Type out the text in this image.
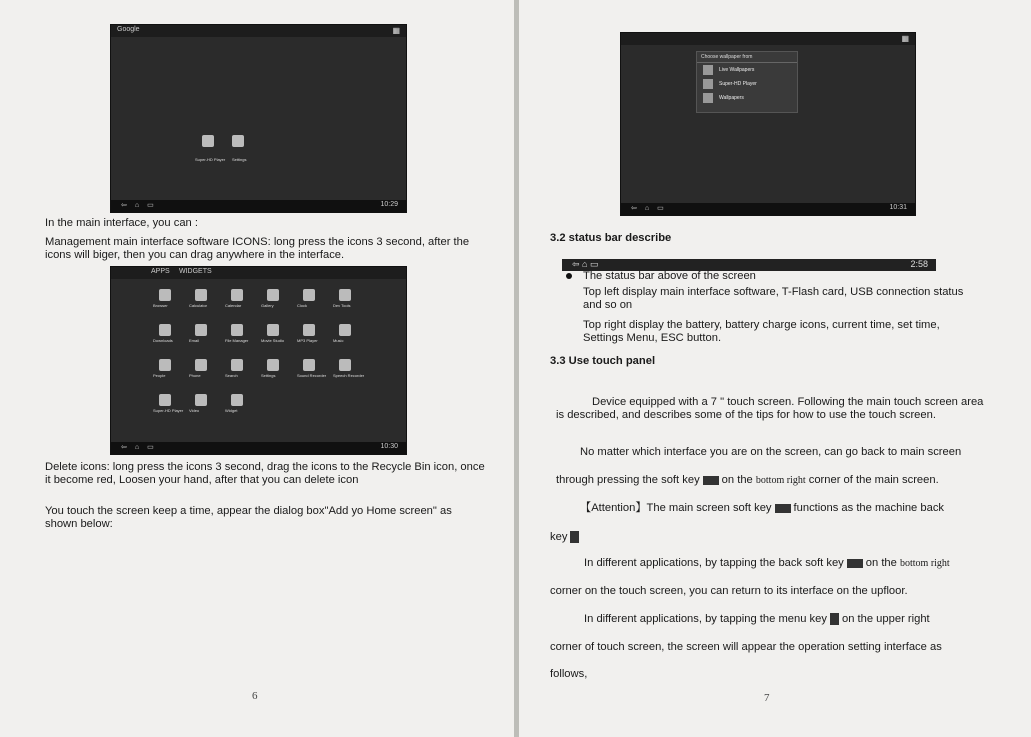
Google	▦
Super-HD Player Settings
⇦⌂▭	10:29
In the main interface, you can :
Management main interface software ICONS: long press the icons 3 second, after the icons will biger, then you can drag anywhere in the interface.
APPS WIDGETS
Browser	Calculator	Calendar	Gallery	Clock	Dev Tools
Downloads	Email	File Manager	Movie Studio	MP3 Player	Music
People	Phone	Search	Settings	Sound Recorder Speech Recorder
Super-HD Player Video	Widget
⇦⌂▭	10:30
Delete icons: long press the icons 3 second, drag the icons to the Recycle Bin icon, once it become red, Loosen your hand, after that you can delete icon
You touch the screen keep a time, appear the dialog box"Add yo Home screen" as shown below:
6
▦
Choose wallpaper from
Live Wallpapers
Super-HD Player
Wallpapers
⇦⌂▭	10:31
3.2 status bar describe
⇦ ⌂ ▭	2:58
The status bar above of the screen
Top left display main interface software, T-Flash card, USB connection status and so on
Top right display the battery, battery charge icons, current time, set time, Settings Menu, ESC button.
3.3 Use touch panel
Device equipped with a 7 " touch screen. Following the main touch screen area is described, and describes some of the tips for how to use the touch screen.
No matter which interface you are on the screen, can go back to main screen
through pressing the soft key on the bottom right corner of the main screen.
【Attention】The main screen soft key functions as the machine back
key
In different applications, by tapping the back soft key on the bottom right
corner on the touch screen, you can return to its interface on the upfloor.
In different applications, by tapping the menu key on the upper right
corner of touch screen, the screen will appear the operation setting interface as
follows,
7
